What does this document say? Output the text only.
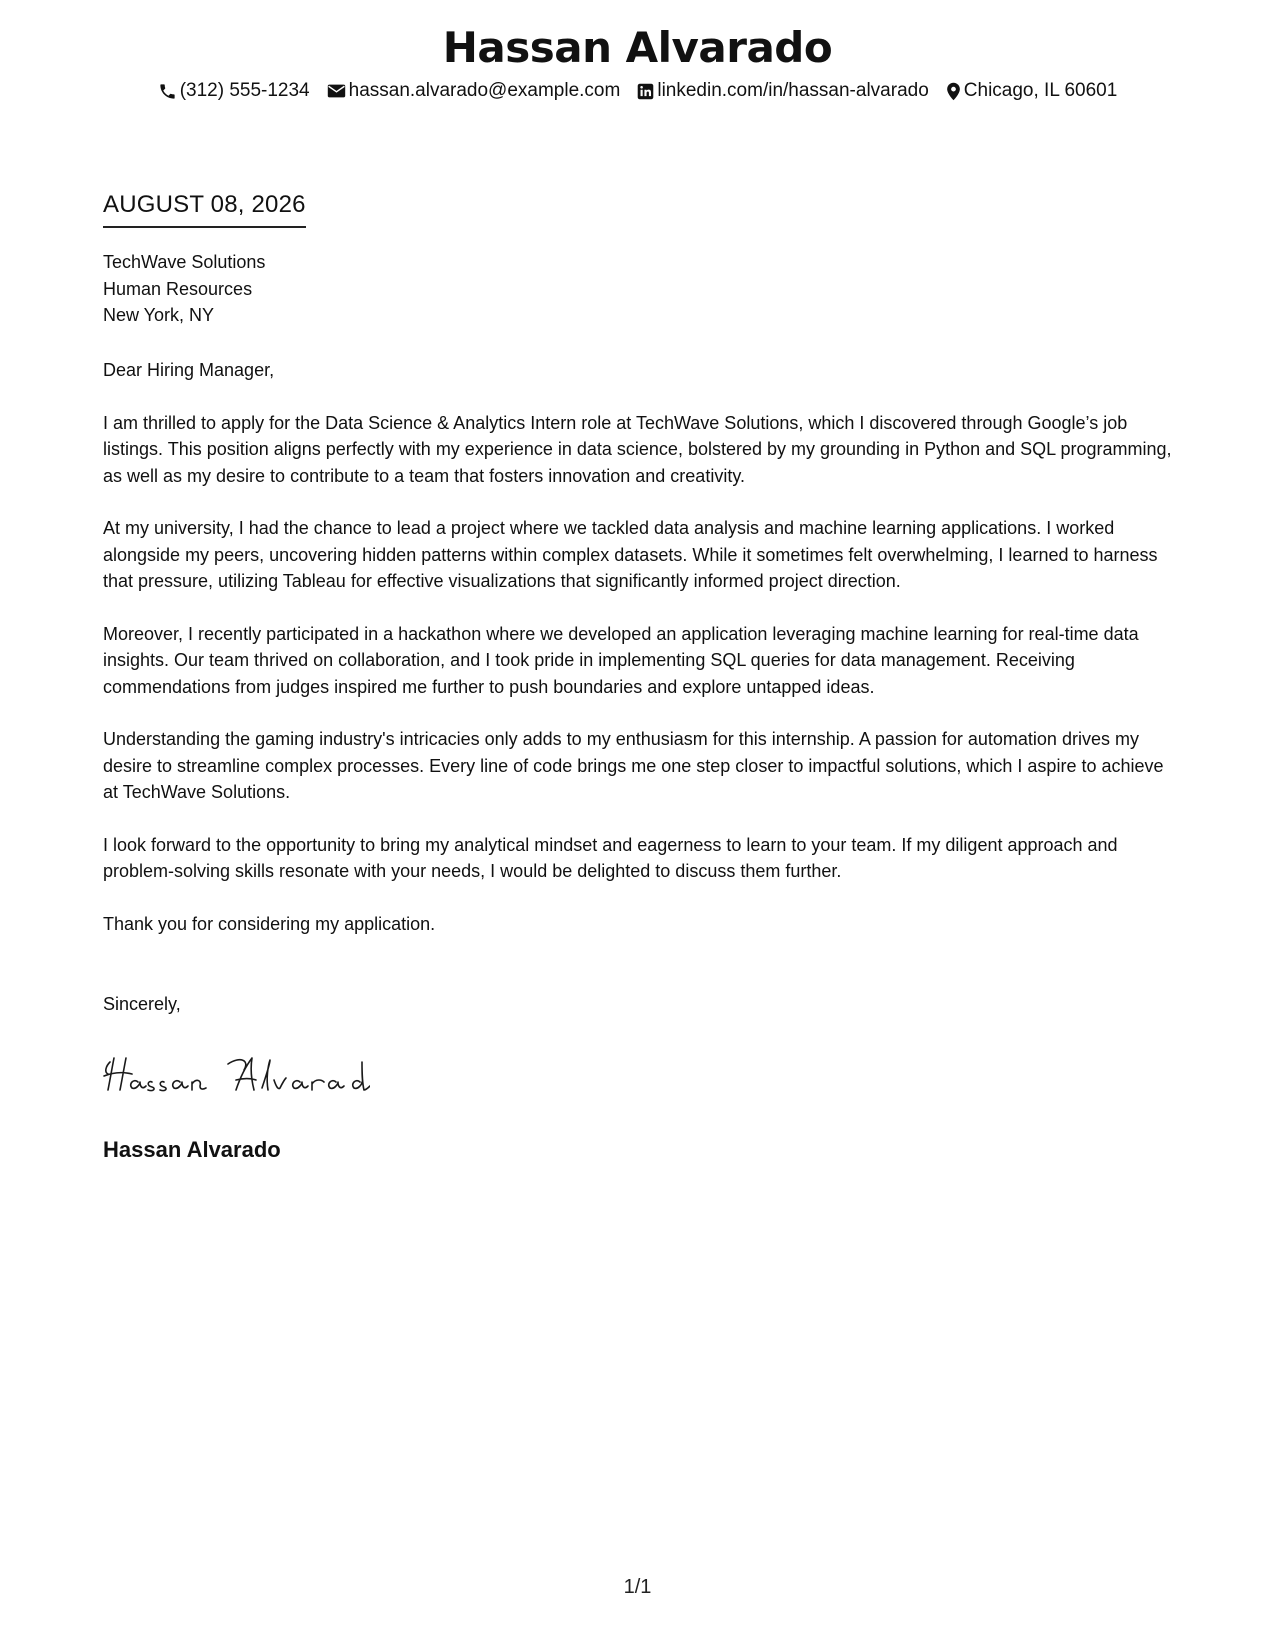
Hassan Alvarado
(312) 555-1234 hassan.alvarado@example.com linkedin.com/in/hassan-alvarado Chicago, IL 60601
AUGUST 08, 2026
TechWave Solutions
Human Resources
New York, NY

Dear Hiring Manager,

I am thrilled to apply for the Data Science & Analytics Intern role at TechWave Solutions, which I discovered through Google’s job listings. This position aligns perfectly with my experience in data science, bolstered by my grounding in Python and SQL programming, as well as my desire to contribute to a team that fosters innovation and creativity.

At my university, I had the chance to lead a project where we tackled data analysis and machine learning applications. I worked alongside my peers, uncovering hidden patterns within complex datasets. While it sometimes felt overwhelming, I learned to harness that pressure, utilizing Tableau for effective visualizations that significantly informed project direction.

Moreover, I recently participated in a hackathon where we developed an application leveraging machine learning for real-time data insights. Our team thrived on collaboration, and I took pride in implementing SQL queries for data management. Receiving commendations from judges inspired me further to push boundaries and explore untapped ideas.

Understanding the gaming industry's intricacies only adds to my enthusiasm for this internship. A passion for automation drives my desire to streamline complex processes. Every line of code brings me one step closer to impactful solutions, which I aspire to achieve at TechWave Solutions.

I look forward to the opportunity to bring my analytical mindset and eagerness to learn to your team. If my diligent approach and problem-solving skills resonate with your needs, I would be delighted to discuss them further.

Thank you for considering my application.

Sincerely,
Hassan Alvarado
1/1
